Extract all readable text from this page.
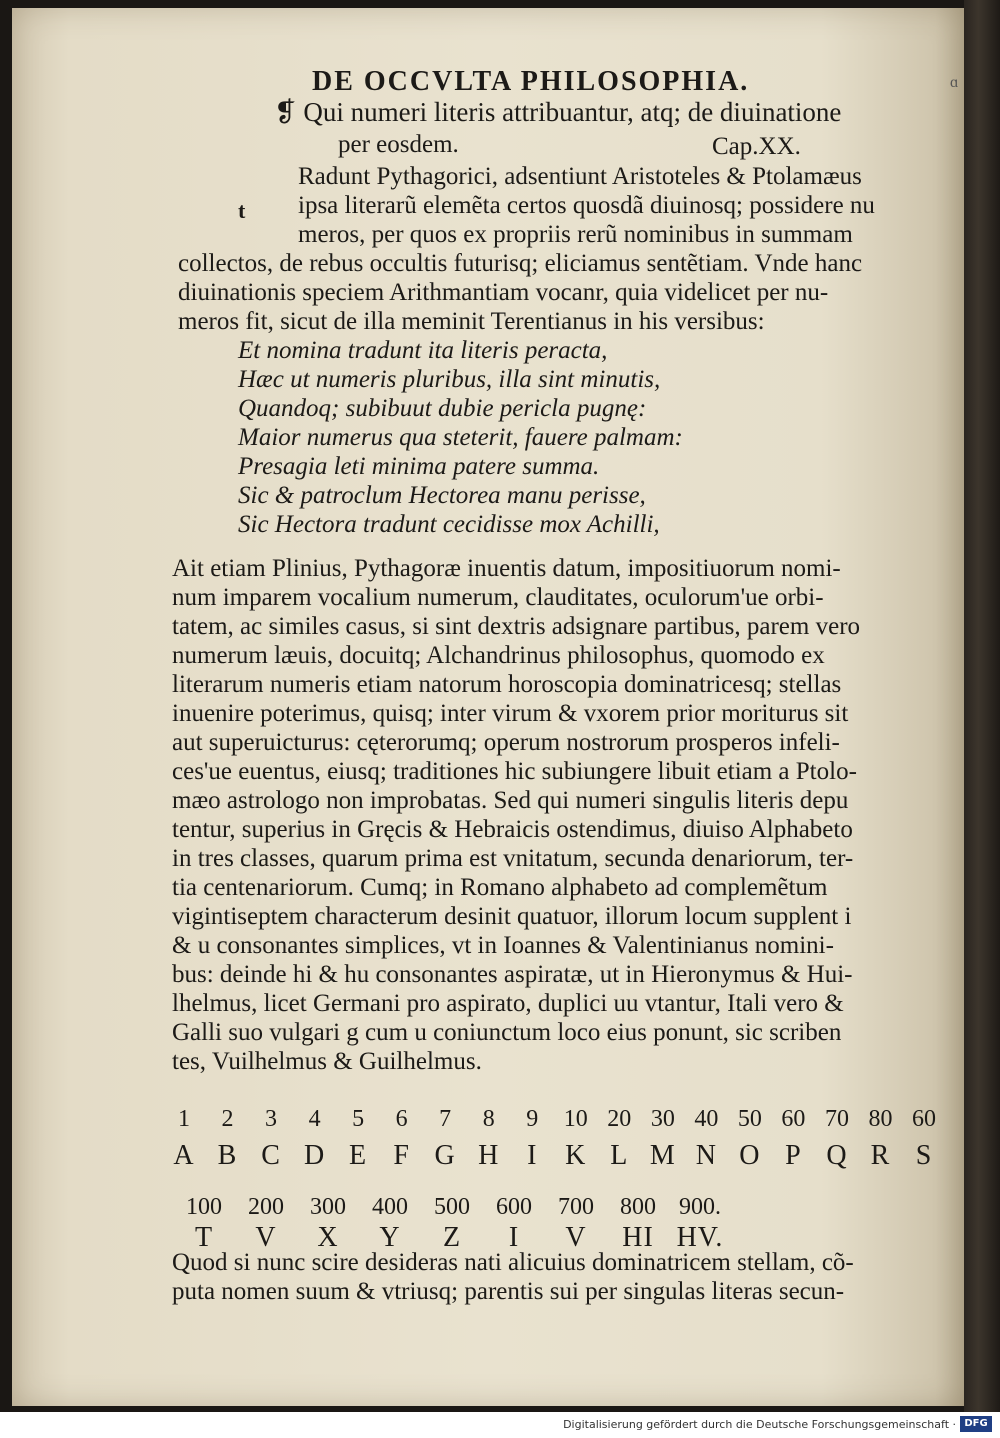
DE OCCVLTA PHILOSOPHIA.	ɑ
❡ Qui numeri literis attribuantur, atq; de diuinatione
per eosdem.	Cap.XX.
t
Radunt Pythagorici, adsentiunt Aristoteles & Ptolamæus
ipsa literarũ elemẽta certos quosdã diuinosq; possidere nu
meros, per quos ex propriis rerũ nominibus in summam
collectos, de rebus occultis futurisq; eliciamus sentẽtiam. Vnde hanc
diuinationis speciem Arithmantiam vocanr, quia videlicet per nu-
meros fit, sicut de illa meminit Terentianus in his versibus:
Et nomina tradunt ita literis peracta,
Hæc ut numeris pluribus, illa sint minutis,
Quandoq; subibuut dubie pericla pugnę:
Maior numerus qua steterit, fauere palmam:
Presagia leti minima patere summa.
Sic & patroclum Hectorea manu perisse,
Sic Hectora tradunt cecidisse mox Achilli,
Ait etiam Plinius, Pythagoræ inuentis datum, impositiuorum nomi-
num imparem vocalium numerum, clauditates, oculorum'ue orbi-
tatem, ac similes casus, si sint dextris adsignare partibus, parem vero
numerum læuis, docuitq; Alchandrinus philosophus, quomodo ex
literarum numeris etiam natorum horoscopia dominatricesq; stellas
inuenire poterimus, quisq; inter virum & vxorem prior moriturus sit
aut superuicturus: cęterorumq; operum nostrorum prosperos infeli-
ces'ue euentus, eiusq; traditiones hic subiungere libuit etiam a Ptolo-
mæo astrologo non improbatas. Sed qui numeri singulis literis depu
tentur, superius in Gręcis & Hebraicis ostendimus, diuiso Alphabeto
in tres classes, quarum prima est vnitatum, secunda denariorum, ter-
tia centenariorum. Cumq; in Romano alphabeto ad complemẽtum
vigintiseptem characterum desinit quatuor, illorum locum supplent i
& u consonantes simplices, vt in Ioannes & Valentinianus nomini-
bus: deinde hi & hu consonantes aspiratæ, ut in Hieronymus & Hui-
lhelmus, licet Germani pro aspirato, duplici uu vtantur, Itali vero &
Galli suo vulgari g cum u coniunctum loco eius ponunt, sic scriben
tes, Vuilhelmus & Guilhelmus.
1 2 3 4 5 6 7 8 9 10 20 30 40 50 60 70 80 60
A B C D E F G H I K L M N O P Q R S
100 200 300 400 500 600 700 800 900.
T V X Y Z I V HI HV.
Quod si nunc scire desideras nati alicuius dominatricem stellam, cõ-
puta nomen suum & vtriusq; parentis sui per singulas literas secun-
Digitalisierung gefördert durch die Deutsche Forschungsgemeinschaft · DFG
